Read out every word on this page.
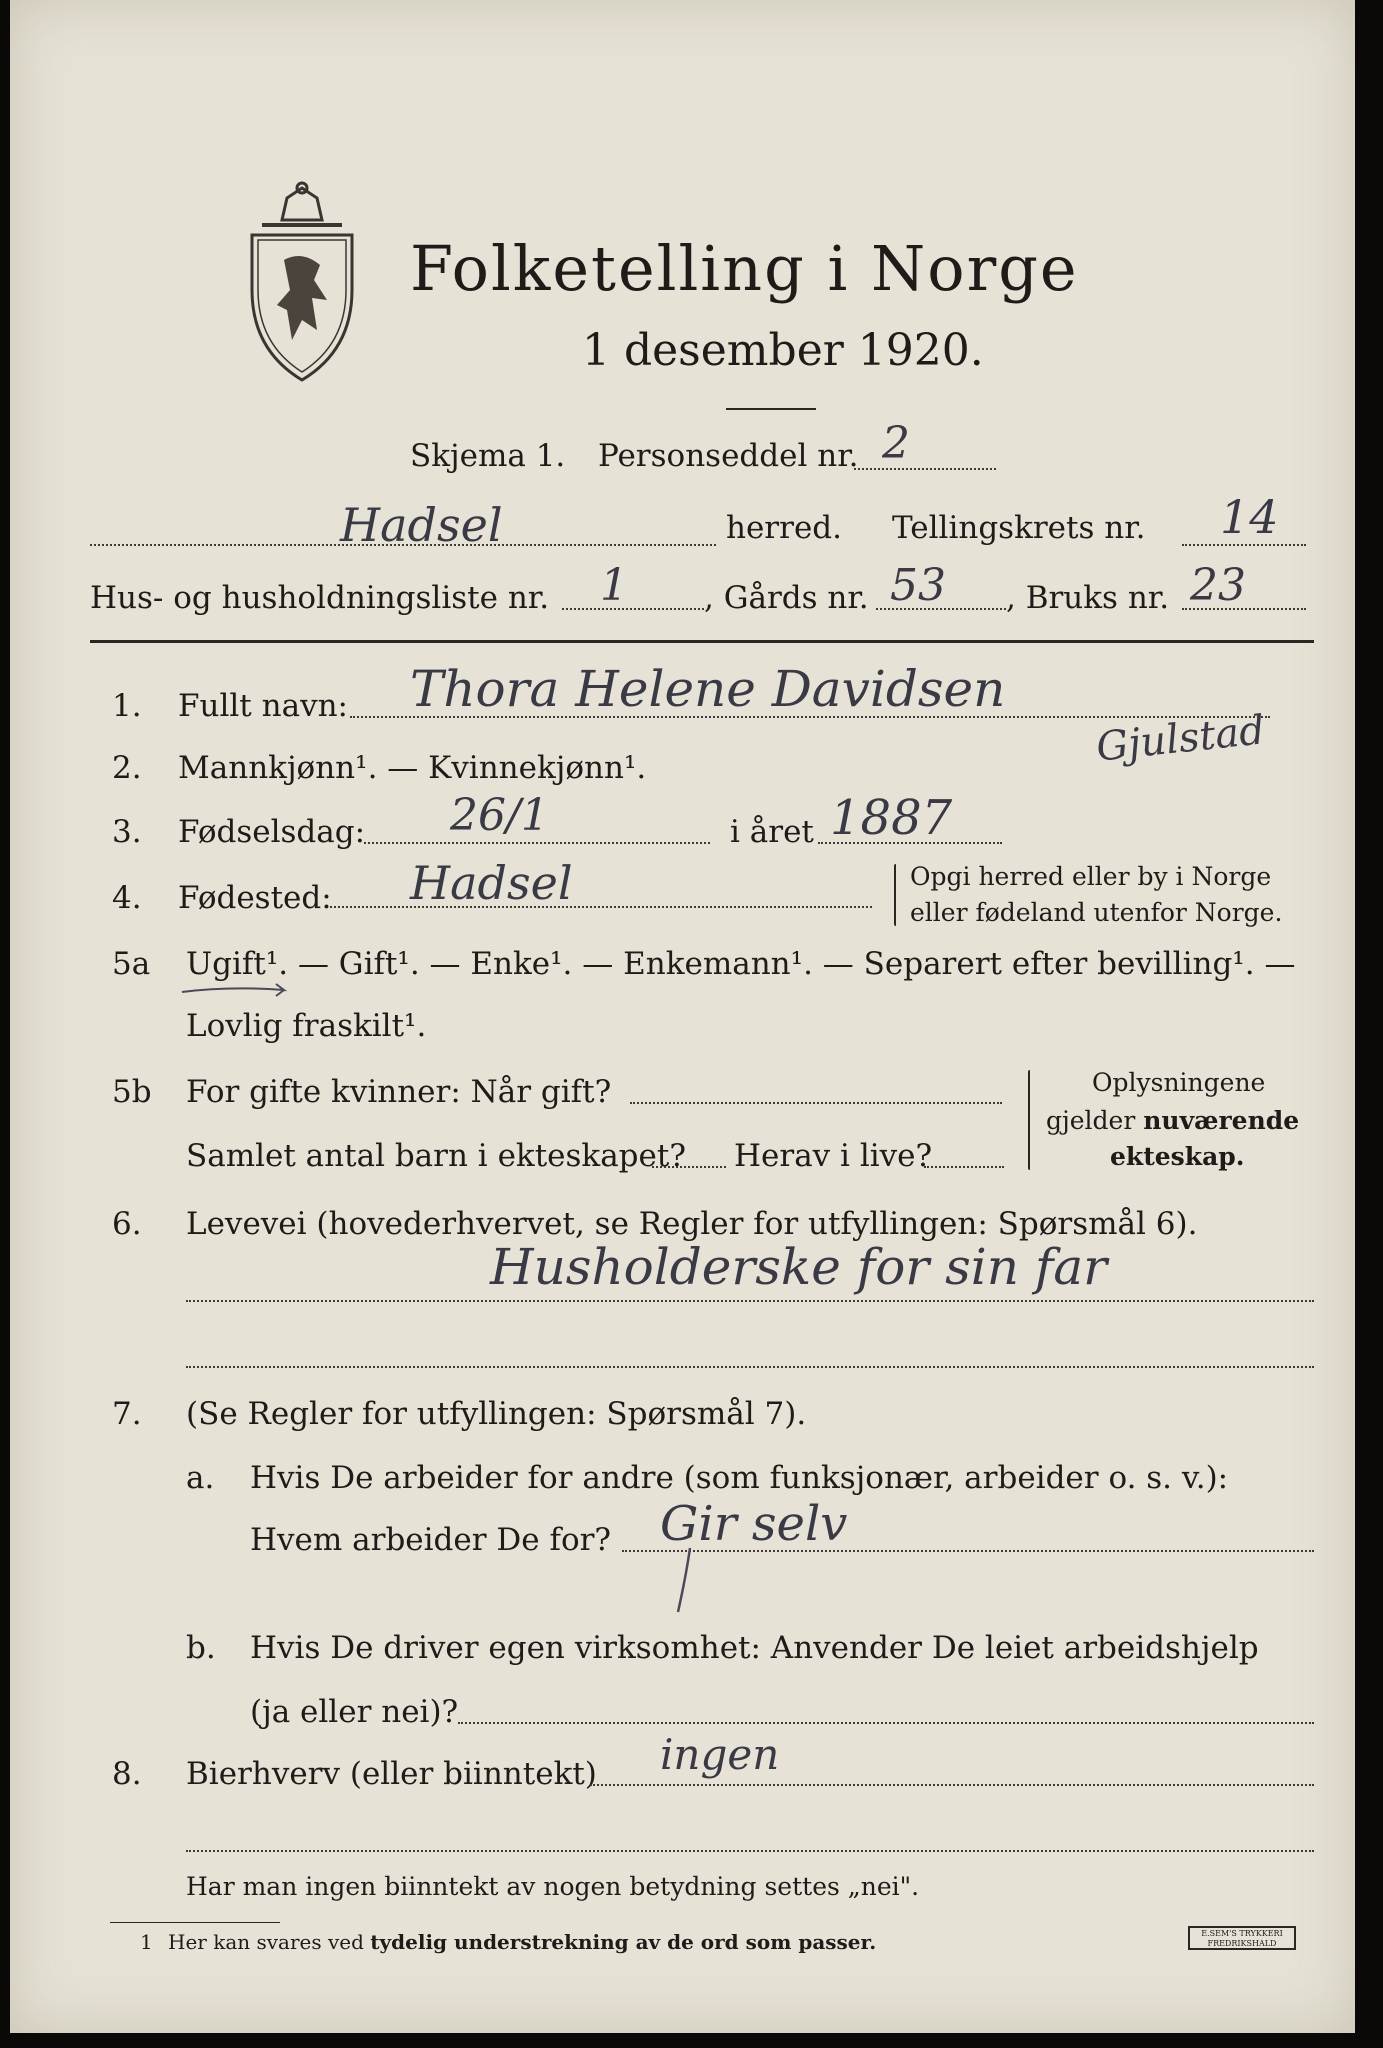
Folketelling i Norge
1 desember 1920.
Skjema 1. Personseddel nr. 2
Hadsel	herred. Tellingskrets nr. 14
Hus- og husholdningsliste nr. 1 , Gårds nr. 53 , Bruks nr. 23
1. Fullt navn: Thora Helene Davidsen
Gjulstad
2. Mannkjønn¹. — Kvinnekjønn¹.
3. Fødselsdag: 26/1	i året 1887
4. Fødested: Hadsel	Opgi herred eller by i Norge
eller fødeland utenfor Norge.
5a Ugift¹. — Gift¹. — Enke¹. — Enkemann¹. — Separert efter bevilling¹. —
Lovlig fraskilt¹.
5b For gifte kvinner: Når gift?
Samlet antal barn i ekteskapet? Herav i live?
Oplysningene
gjelder nuværende
ekteskap.
6. Levevei (hovederhvervet, se Regler for utfyllingen: Spørsmål 6).
Husholderske for sin far
7. (Se Regler for utfyllingen: Spørsmål 7).
a. Hvis De arbeider for andre (som funksjonær, arbeider o. s. v.):
Hvem arbeider De for? Gir selv
b. Hvis De driver egen virksomhet: Anvender De leiet arbeidshjelp
(ja eller nei)?
8. Bierhverv (eller biinntekt) ingen
Har man ingen biinntekt av nogen betydning settes „nei".
1 Her kan svares ved tydelig understrekning av de ord som passer.	E.SEM'S TRYKKERI
FREDRIKSHALD
